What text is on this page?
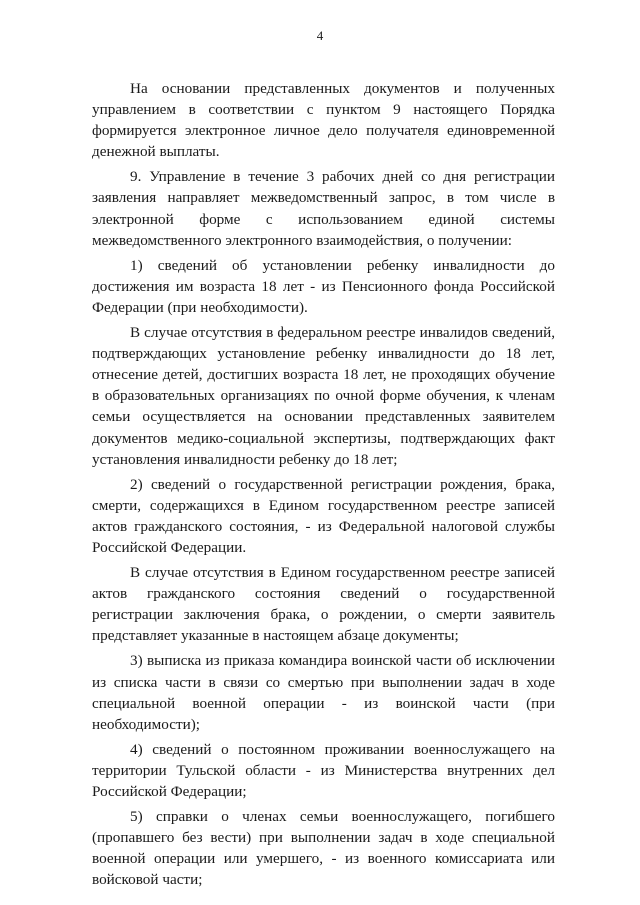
4

На основании представленных документов и полученных управлением в соответствии с пунктом 9 настоящего Порядка формируется электронное личное дело получателя единовременной денежной выплаты.

9. Управление в течение 3 рабочих дней со дня регистрации заявления направляет межведомственный запрос, в том числе в электронной форме с использованием единой системы межведомственного электронного взаимодействия, о получении:

1) сведений об установлении ребенку инвалидности до достижения им возраста 18 лет - из Пенсионного фонда Российской Федерации (при необходимости).

В случае отсутствия в федеральном реестре инвалидов сведений, подтверждающих установление ребенку инвалидности до 18 лет, отнесение детей, достигших возраста 18 лет, не проходящих обучение в образовательных организациях по очной форме обучения, к членам семьи осуществляется на основании представленных заявителем документов медико-социальной экспертизы, подтверждающих факт установления инвалидности ребенку до 18 лет;

2) сведений о государственной регистрации рождения, брака, смерти, содержащихся в Едином государственном реестре записей актов гражданского состояния, - из Федеральной налоговой службы Российской Федерации.

В случае отсутствия в Едином государственном реестре записей актов гражданского состояния сведений о государственной регистрации заключения брака, о рождении, о смерти заявитель представляет указанные в настоящем абзаце документы;

3) выписка из приказа командира воинской части об исключении из списка части в связи со смертью при выполнении задач в ходе специальной военной операции - из воинской части (при необходимости);

4) сведений о постоянном проживании военнослужащего на территории Тульской области - из Министерства внутренних дел Российской Федерации;

5) справки о членах семьи военнослужащего, погибшего (пропавшего без вести) при выполнении задач в ходе специальной военной операции или умершего, - из военного комиссариата или войсковой части;
